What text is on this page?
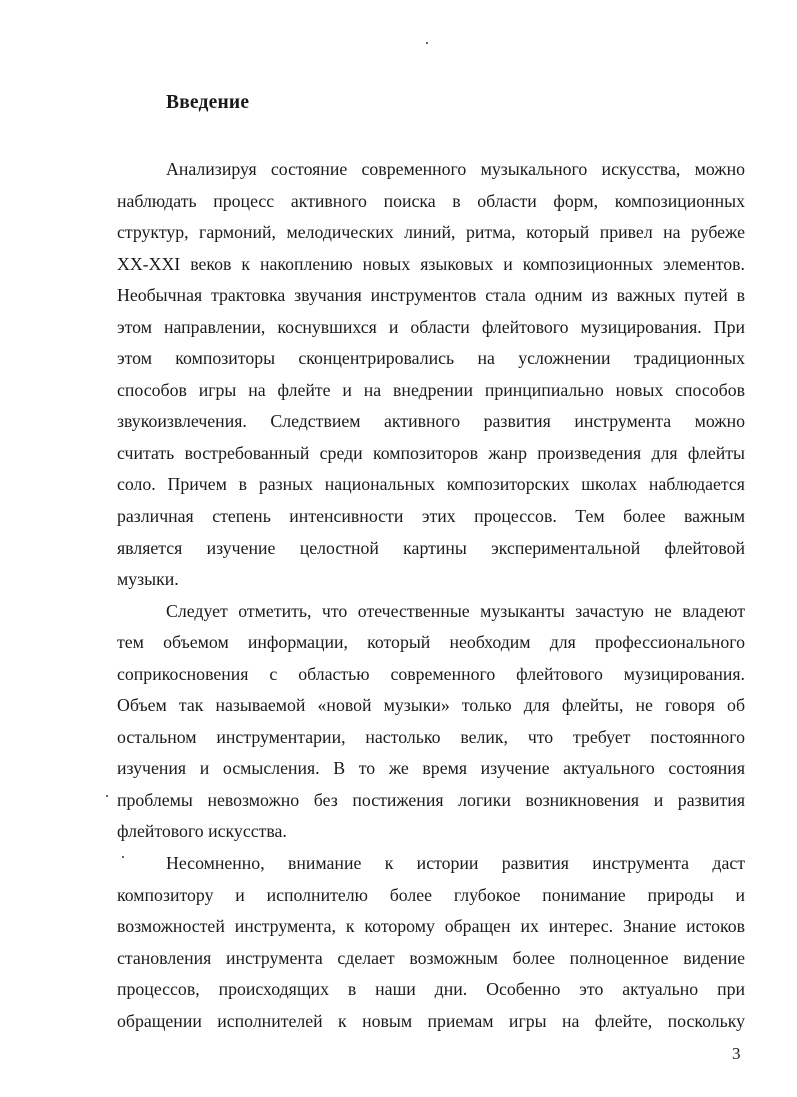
Введение
Анализируя состояние современного музыкального искусства, можно
наблюдать процесс активного поиска в области форм, композиционных
структур, гармоний, мелодических линий, ритма, который привел на рубеже
XX-XXI веков к накоплению новых языковых и композиционных элементов.
Необычная трактовка звучания инструментов стала одним из важных путей в
этом направлении, коснувшихся и области флейтового музицирования. При
этом композиторы сконцентрировались на усложнении традиционных
способов игры на флейте и на внедрении принципиально новых способов
звукоизвлечения. Следствием активного развития инструмента можно
считать востребованный среди композиторов жанр произведения для флейты
соло. Причем в разных национальных композиторских школах наблюдается
различная степень интенсивности этих процессов. Тем более важным
является изучение целостной картины экспериментальной флейтовой
музыки.
Следует отметить, что отечественные музыканты зачастую не владеют
тем объемом информации, который необходим для профессионального
соприкосновения с областью современного флейтового музицирования.
Объем так называемой «новой музыки» только для флейты, не говоря об
остальном инструментарии, настолько велик, что требует постоянного
изучения и осмысления. В то же время изучение актуального состояния
проблемы невозможно без постижения логики возникновения и развития
флейтового искусства.
Несомненно, внимание к истории развития инструмента даст
композитору и исполнителю более глубокое понимание природы и
возможностей инструмента, к которому обращен их интерес. Знание истоков
становления инструмента сделает возможным более полноценное видение
процессов, происходящих в наши дни. Особенно это актуально при
обращении исполнителей к новым приемам игры на флейте, поскольку
3
